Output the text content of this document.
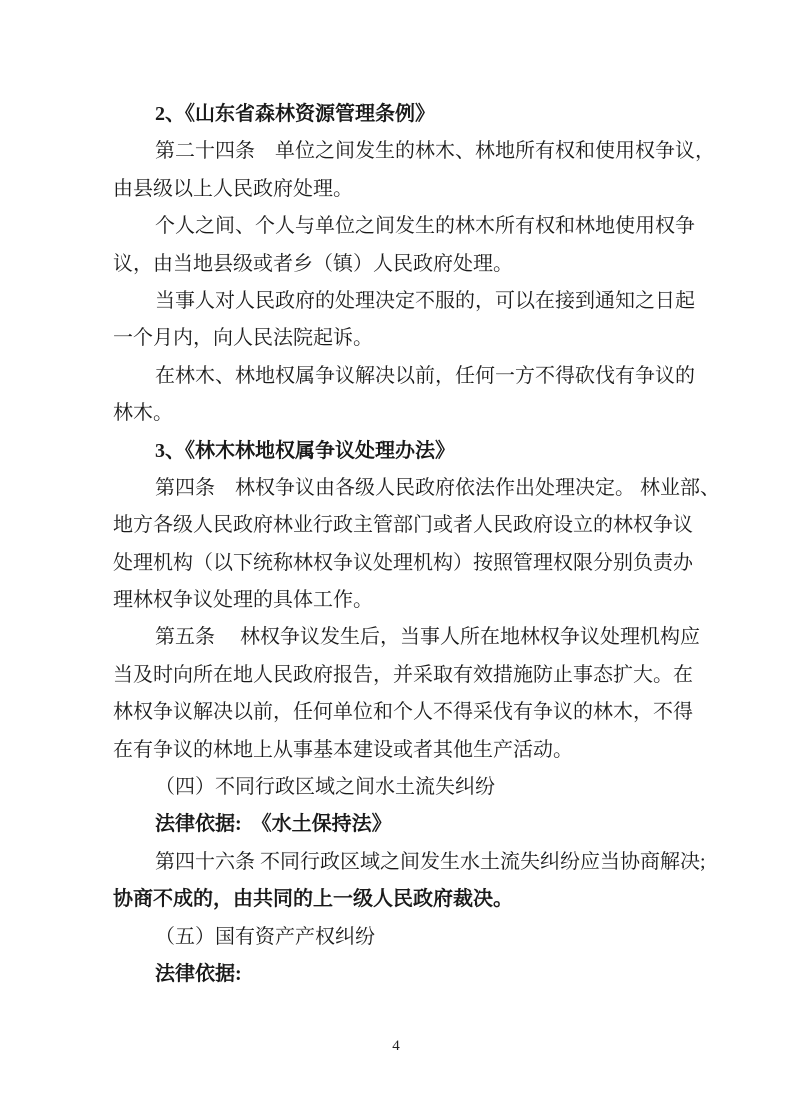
2、《山东省森林资源管理条例》
第二十四条　单位之间发生的林木、林地所有权和使用权争议，
由县级以上人民政府处理。
个人之间、个人与单位之间发生的林木所有权和林地使用权争
议，由当地县级或者乡（镇）人民政府处理。
当事人对人民政府的处理决定不服的，可以在接到通知之日起
一个月内，向人民法院起诉。
在林木、林地权属争议解决以前，任何一方不得砍伐有争议的
林木。
3、《林木林地权属争议处理办法》
第四条　林权争议由各级人民政府依法作出处理决定。 林业部、
地方各级人民政府林业行政主管部门或者人民政府设立的林权争议
处理机构（以下统称林权争议处理机构）按照管理权限分别负责办
理林权争议处理的具体工作。
第五条　 林权争议发生后，当事人所在地林权争议处理机构应
当及时向所在地人民政府报告，并采取有效措施防止事态扩大。在
林权争议解决以前，任何单位和个人不得采伐有争议的林木，不得
在有争议的林地上从事基本建设或者其他生产活动。
（四）不同行政区域之间水土流失纠纷
法律依据:　《水土保持法》
第四十六条 不同行政区域之间发生水土流失纠纷应当协商解决;
协商不成的，由共同的上一级人民政府裁决。
（五）国有资产产权纠纷
法律依据:
4
